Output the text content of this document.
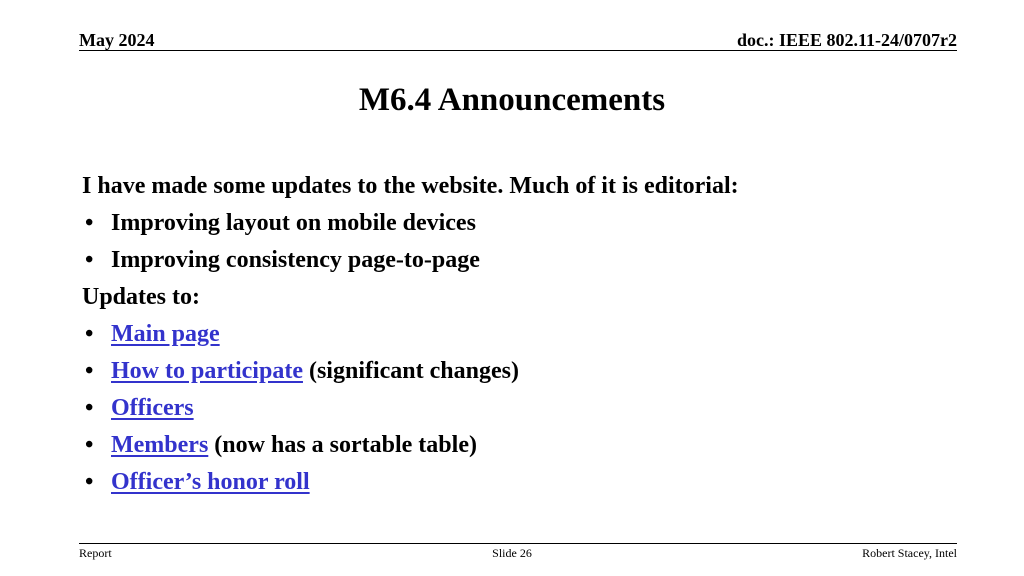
May 2024	doc.: IEEE 802.11-24/0707r2
M6.4 Announcements
I have made some updates to the website. Much of it is editorial:
• Improving layout on mobile devices
• Improving consistency page-to-page
Updates to:
• Main page
• How to participate (significant changes)
• Officers
• Members (now has a sortable table)
• Officer’s honor roll
Report	Slide 26	Robert Stacey, Intel
